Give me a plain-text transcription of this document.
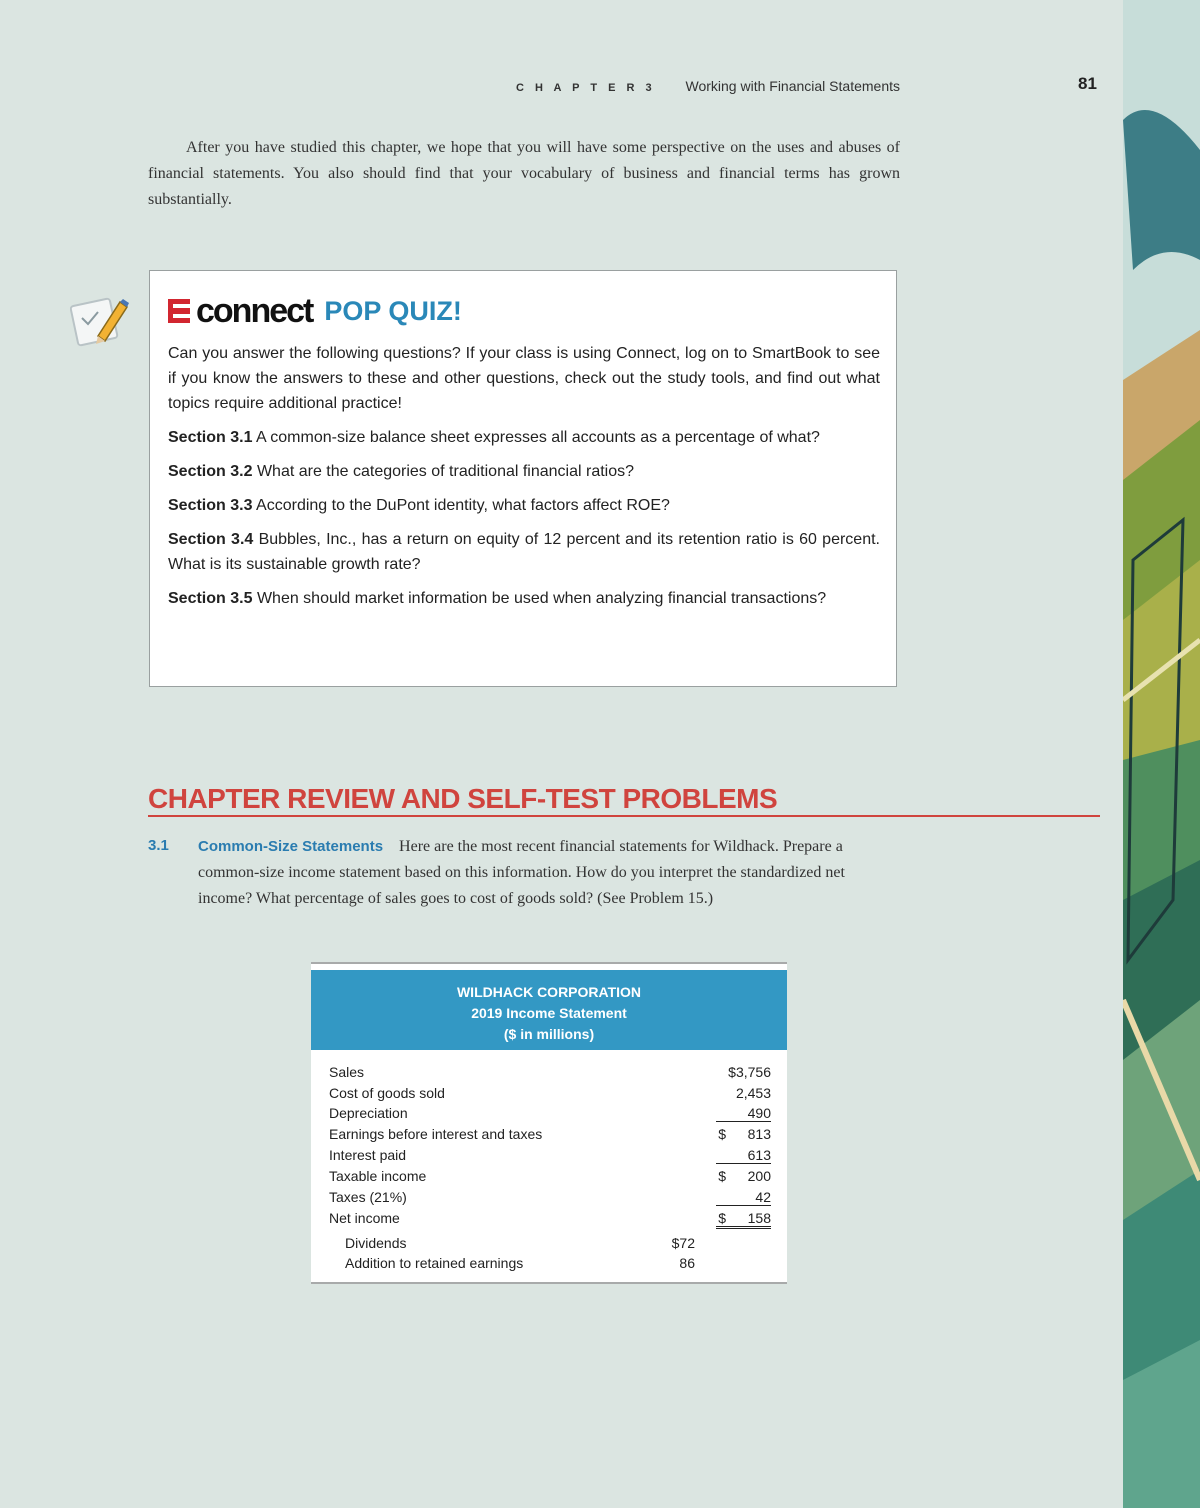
C H A P T E R 3 Working with Financial Statements	81

After you have studied this chapter, we hope that you will have some perspective on the uses and abuses of financial statements. You also should find that your vocabulary of business and financial terms has grown substantially.

connect POP QUIZ!

Can you answer the following questions? If your class is using Connect, log on to SmartBook to see if you know the answers to these and other questions, check out the study tools, and find out what topics require additional practice!

Section 3.1 A common-size balance sheet expresses all accounts as a percentage of what?

Section 3.2 What are the categories of traditional financial ratios?

Section 3.3 According to the DuPont identity, what factors affect ROE?

Section 3.4 Bubbles, Inc., has a return on equity of 12 percent and its retention ratio is 60 percent. What is its sustainable growth rate?

Section 3.5 When should market information be used when analyzing financial transactions?

CHAPTER REVIEW AND SELF-TEST PROBLEMS
3.1 Common-Size Statements Here are the most recent financial statements for Wildhack. Prepare a common-size income statement based on this information. How do you interpret the standardized net income? What percentage of sales goes to cost of goods sold? (See Problem 15.)

WILDHACK CORPORATION
2019 Income Statement
($ in millions)
Sales	$3,756
Cost of goods sold	2,453
Depreciation	490
Earnings before interest and taxes	$ 813
Interest paid	613
Taxable income	$ 200
Taxes (21%)	42
Net income	$	158
Dividends	$72
Addition to retained earnings	86
